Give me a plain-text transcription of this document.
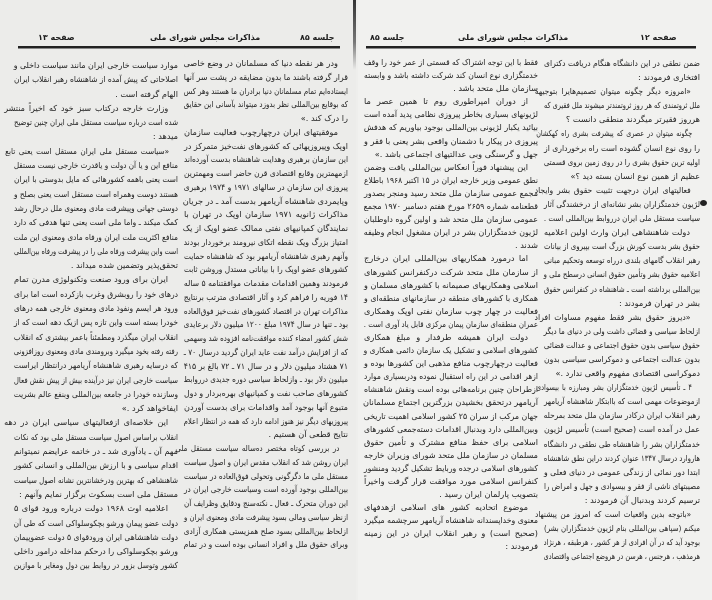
صفحه ۱۳	مذاکرات مجلس شورای ملی	جلسه ۸۵
ودر هر نقطه دنیا که مسلمانان در وضع خاصی
قرار گرفته باشند ما بدون مضایقه در پشت سر آنها
ایستاده‌ایم تمام مسلمانان دنیا برادران ما هستند وهر کس
که بوقایع بین‌المللی نظر بدوزد میتواند بآسانی این حقایق
را درک کند .»
موفقیتهای ایران درچهارچوب فعالیت سازمان
اوپک وپیروزیهائی که کشورهای نفت‌خیز متمرکز در
این سازمان برهبری وهدایت شاهنشاه بدست آورده‌اند
ازمهمترین وقایع اقتصادی قرن حاضر است ومهمترین
پیروزی این سازمان در سالهای ۱۹۷۱ و ۱۹۷۴ برهبری
وپایمردی شاهنشاه آریامهر بدست آمد ـ در جریان
مذاکرات ژانویه ۱۹۷۱ سازمان اوپک در تهران با
نمایندگان کمپانیهای نفتی ممالک عضو اوپک از یک
امتیاز بزرگ ویک نقطه اتکای نیرومند برخوردار بودند
وآنهم رهبری شاهنشاه آریامهر بود که شاهنشاه حمایت
کشورهای عضو اوپک را با بیاناتی مستدل وروشن ثابت
فرمودند وهمین اقدامات مقدمات موافقتنامه ۵ ساله
۱۴ فوریه را فراهم کرد و آثار اقتصادی مترتب برنتایج
مذاکرات تهران در اقتصاد کشورهای نفت‌خیز فوق‌العاده
بود ـ تنها در سال ۱۹۷۴ مبلغ ۱۲۰۰ میلیون دلار برعایدی
شش کشور امضاء کننده موافقت‌نامه افزوده شد وسهمی
که از افزایش درآمد نفت عاید ایران گردید درسال ۷۰ ـ
۷۱ هشتاد میلیون دلار و در سال ۷۱ ـ ۷۲ بالغ بر ۴۱۵
میلیون دلار بود ـ وازلحاظ سیاسی دوره جدیدی درروابط
کشورهای صاحب نفت و کمپانیهای بهره‌بردار و دول
متبوع آنها بوجود آمد واقدامات برای بدست آوردن
پیروزیهای دیگر نیز هنوز ادامه دارد که همه در انتظار اعلام
نتایج قطعی آن هستیم .
در بررسی کوتاه مختصر ده‌ساله سیاست مستقل ملی
ایران روشن شد که انقلاب مقدس ایران و اصول سیاست
مستقل ملی ما دگرگونی وتحولی فوق‌العاده در سیاست
بین‌المللی بوجود آورده است وسیاست خارجی ایران در
این دوران متحرک ـ فعال ـ نکته‌سنج ودقایق وظرایف آن
ازنظر سیاسی ومالی بسود پیشرفت مادی ومعنوی ایران و
ازلحاظ بین‌المللی بسود صلح همزیستی همکاری آزادی
وبرای حقوق ملل و افراد انسانی بوده است و در تمام
موارد سیاست خارجی ایران مانند سیاست داخلی و
اصلاحاتی که پیش آمده از شاهنشاه رهبر انقلاب ایران
الهام گرفته است .
وزارت خارجه درکتاب سبز خود که اخیراً منتشر
شده است درباره سیاست مستقل ملی ایران چنین توضیح
میدهد :
«سیاست مستقل ملی ایران مستقل است یعنی تابع
منافع این و یا آن دولت و یاقدرت خارجی نیست مستقل
است یعنی باهمه کشورهائی که مایل بدوستی با ایران
هستند دوست وهمراه است مستقل است یعنی بصلح و
دوستی جهانی وپیشرفت مادی ومعنوی ملل درحال رشد
کمک میکند ـ واما ملی است یعنی تنها هدفی که دارد
منافع اکثریت ملت ایران ورفاه مادی ومعنوی این ملت
است واین پیشرفت ورفاه ملی را در پیشرفت ورفاه بین‌المللی
تحقق‌پذیر وتضمین شده میداند .
ایران برای ورود صنعت وتکنولوژی مدرن تمام
درهای خود را روبشرق وغرب بازکرده است اما برای
ورود هر ایسم ونفوذ مادی ومعنوی خارجی همه درهای
خودرا بسته است واین تازه پس ازیک دهه است که از
انقلاب ایران میگذرد ومطمئناً باعمر بیشتری که انقلاب
رفته رفته بخود میگیرد وبرومندی مادی ومعنوی روزافزونی
که درسایه رهبری شاهنشاه آریامهر درانتظار ایراست
سیاست خارجی ایران نیز درآینده بیش از پیش نقش فعال
وسازنده خودرا در جامعه بین‌المللی وبنفع عالم بشریت
ایفاخواهد کرد .»
این خلاصه‌ای ازفعالیتهای سیاسی ایران در دهه
انقلاب براساس اصول سیاست مستقل ملی بود که نکات
مهم آن ـ یادآوری شد ـ در خاتمه عرایضم نمیتوانم
اقدام سیاسی و با ارزش بین‌المللی و انسانی کشور
شاهنشاهی که بهترین ودرخشانترین نشانه اصول سیاست
مستقل ملی است بسکوت برگزار نمایم وآنهم :
اعلامیه اوت ۱۹۶۸ دولت درباره ورود قوای ۵
دولت عضو پیمان ورشو بچکوسلواکی است که طی آن
دولت شاهنشاهی ایران ورودقوای ۵ دولت عضوپیمان
ورشو بچکوسلواکی را درحکم مداخله درامور داخلی
کشور وتوسل بزور در روابط بین دول ومغایر با موازین
صفحه ۱۲
مذاکرات مجلس شورای ملی
جلسه ۸۵
ضمن نطقی در این دانشگاه هنگام دریافت دکترای
افتخاری فرمودند :
«امروزه دیگر چگونه میتوان تصمیم‌هایرا بتوجیهه
ملل ثروتمندی که هر روز ثروتمندتر میشوند ملل فقیری که
هرروز فقیرتر میگردند منطقی دانست ؟
چگونه میتوان در عصری که پیشرفت بشری راه کهکشان
را روی نوع انسان گشوده است راه برخورداری از
اولیه ترین حقوق بشری را در روی زمین بروی قسمتی
عظیم از همین نوع انسان بسته دید ؟»
فعالیتهای ایران درجهت تثبیت حقوق بشر وایجاد
لژیون خدمتگزاران بشر نشانه‌ای از درخشندگی آثار
سیاست مستقل ملی ایران درروابط بین‌المللی است .
دولت شاهنشاهی ایران وارث اولین اعلامیه
حقوق بشر بدست کورش بزرگ است بپیروی از بیانات
رهبر انقلاب گامهای بلندی درراه توسعه وتحکیم مبانی
اعلامیه حقوق بشر وتأمین حقوق انسانی درسطح ملی و
بین‌المللی برداشته است ـ شاهنشاه در کنفرانس حقوق
بشر در تهران فرمودند :
«دیروز حقوق بشر فقط مفهوم مساوات افراد
ازلحاظ سیاسی و قضائی داشت ولی در دنیای ما دیگر
حقوق سیاسی بدون حقوق اجتماعی و عدالت قضائی
بدون عدالت اجتماعی و دموکراسی سیاسی بدون
دموکراسی اقتصادی مفهوم واقعی ندارد .»
۴ ـ تأسیس لژیون خدمتگزاران بشر ومبارزه با بیسوادی
ازموضوعات مهمی است که باابتکار شاهنشاه آریامهر
رهبر انقلاب ایران درکادر سازمان ملل متحد بمرحله
عمل در آمده است (صحیح است) تأسیس لژیون
خدمتگزاران بشر را شاهنشاه طی نطقی در دانشگاه
هاروارد درسال ۱۳۴۷ عنوان کردند دراین نطق شاهنشاه
ابتدا دور نمائی از زندگی عمومی در دنیای فعلی و
مصیبتهای ناشی از فقر و بیسوادی و جهل و امراض را
ترسیم کردند وبدنبال آن فرمودند :
«باتوجه بدین واقعیات است که امروز من پیشنهاد
میکنم (سپاهی بین‌المللی بنام لژیون خدمتگزاران بشر)
بوجود آید که در آن افرادی از هر کشور ، هرطبقه ، هرنژاد
هرمذهب ، هرجنس ، هرسن در هروضع اجتماعی واقتصادی
فقط با این توجه اشتراک که قسمتی از عمر خود را وقف
خدمتگزاری نوع انسان کند شرکت داشته باشد و وابسته
سازمان ملل متحد باشد .
از دوران امپراطوری روم تا همین عصر ما
لژیونهای بسیاری بخاطر پیروزی نظامی پدید آمده است
بیائید یکبار لژیونی بین‌المللی بوجود بیاوریم که هدفش
پیروزی در پیکار با دشمنان واقعی بشر یعنی با فقر و
جهل و گرسنگی وبی عدالتیهای اجتماعی باشد .»
این پیشنهاد فوراً انعکاس بین‌المللی یافت وضمن
نطق عمومی وزیر خارجه ایران در ۱۵ اکتبر ۱۹۶۸ باطلاع
مجمع عمومی سازمان ملل متحد رسید ومنجر بصدور
قطعنامه شماره ۲۶۵۹ مورخ هفتم دسامبر ۱۹۷۰ مجمع
عمومی سازمان ملل متحد شد و اولین گروه داوطلبان
لژیون خدمتگزاران بشر در ایران مشغول انجام وظیفه
شدند .
اما درمورد همکاریهای بین‌المللی ایران درخارج
از سازمان ملل متحد شرکت درکنفرانس کشورهای
اسلامی وهمکاریهای صمیمانه با کشورهای مسلمان و
همکاری با کشورهای منطقه در سازمانهای منطقه‌ای و
فعالیت در چهار چوب سازمان نفتی اوپک وهمکاری
عمران منطقه‌ای سازمان پیمان مرکزی قابل یاد آوری است .
دولت ایران همیشه طرفدار و مبلغ همکاری
کشورهای اسلامی و تشکیل یک سازمان دائمی همکاری و
فعالیت درچهارچوب منافع مذهبی این کشورها بوده و
ازهر اقدامی در این راه استقبال نموده ودربسیاری موارد
ازطراحان چنین برنامه‌هائی بوده است ونقش شاهنشاه
آریامهر درتحقق بخشیدن بزرگترین اجتماع مسلمانان
جهان مرکب از سران ۲۵ کشور اسلامی اهمیت تاریخی
وبین‌المللی دارد وبدنبال اقدامات دسته‌جمعی کشورهای
اسلامی برای حفظ منافع مشترک و تأمین حقوق
مسلمان در سازمان ملل متحد شورای وزیران خارجه
کشورهای اسلامی درجده وربایط تشکیل گردید ومنشور
کنفرانس اسلامی مورد موافقت قرار گرفت واخیراً
بتصویب پارلمان ایران رسید .
موضوع اتحادیه کشور های اسلامی ازهدفهای
معنوی وخداپسندانه شاهنشاه آریامهر سرچشمه میگیرد
(صحیح است) و رهبر انقلاب ایران در این زمینه
فرمودند :
